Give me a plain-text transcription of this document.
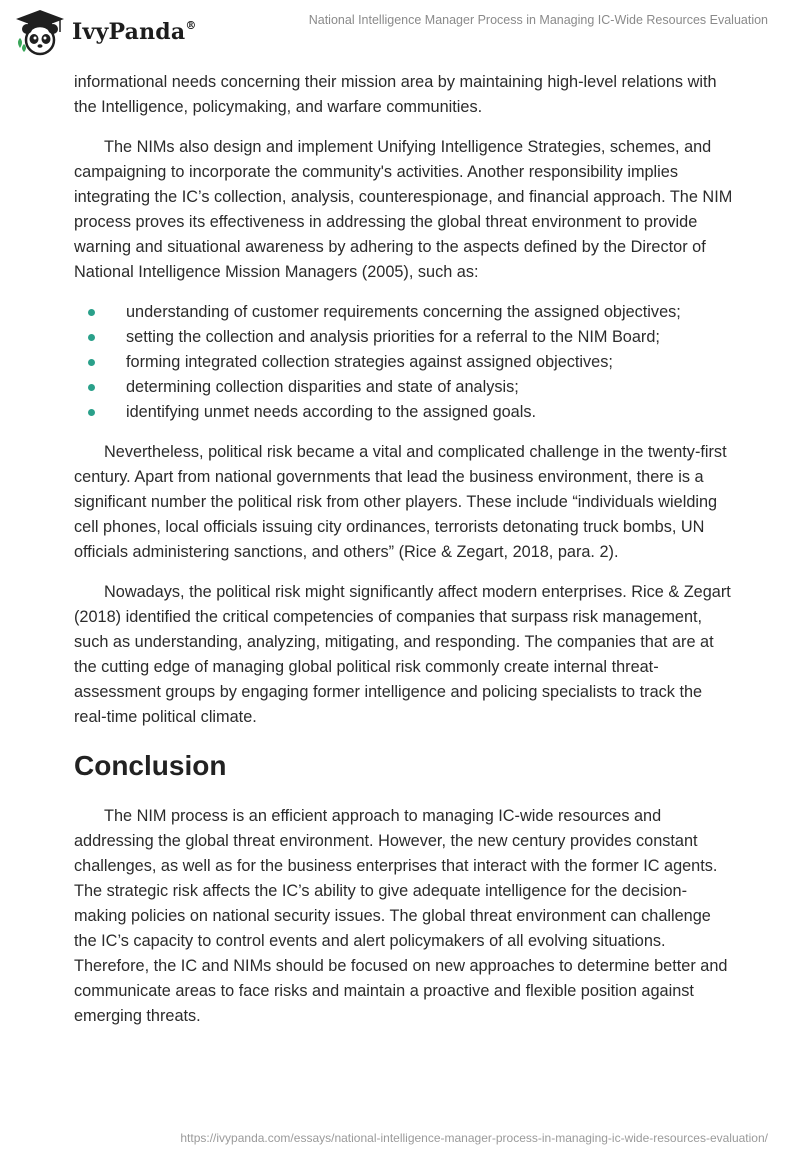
IvyPanda®	National Intelligence Manager Process in Managing IC-Wide Resources Evaluation

informational needs concerning their mission area by maintaining high-level relations with the Intelligence, policymaking, and warfare communities.

The NIMs also design and implement Unifying Intelligence Strategies, schemes, and campaigning to incorporate the community's activities. Another responsibility implies integrating the IC’s collection, analysis, counterespionage, and financial approach. The NIM process proves its effectiveness in addressing the global threat environment to provide warning and situational awareness by adhering to the aspects defined by the Director of National Intelligence Mission Managers (2005), such as:

understanding of customer requirements concerning the assigned objectives;
setting the collection and analysis priorities for a referral to the NIM Board;
forming integrated collection strategies against assigned objectives;
determining collection disparities and state of analysis;
identifying unmet needs according to the assigned goals.

Nevertheless, political risk became a vital and complicated challenge in the twenty-first century. Apart from national governments that lead the business environment, there is a significant number the political risk from other players. These include “individuals wielding cell phones, local officials issuing city ordinances, terrorists detonating truck bombs, UN officials administering sanctions, and others” (Rice & Zegart, 2018, para. 2).

Nowadays, the political risk might significantly affect modern enterprises. Rice & Zegart (2018) identified the critical competencies of companies that surpass risk management, such as understanding, analyzing, mitigating, and responding. The companies that are at the cutting edge of managing global political risk commonly create internal threat-assessment groups by engaging former intelligence and policing specialists to track the real-time political climate.

Conclusion

The NIM process is an efficient approach to managing IC-wide resources and addressing the global threat environment. However, the new century provides constant challenges, as well as for the business enterprises that interact with the former IC agents. The strategic risk affects the IC’s ability to give adequate intelligence for the decision-making policies on national security issues. The global threat environment can challenge the IC’s capacity to control events and alert policymakers of all evolving situations. Therefore, the IC and NIMs should be focused on new approaches to determine better and communicate areas to face risks and maintain a proactive and flexible position against emerging threats.

https://ivypanda.com/essays/national-intelligence-manager-process-in-managing-ic-wide-resources-evaluation/
